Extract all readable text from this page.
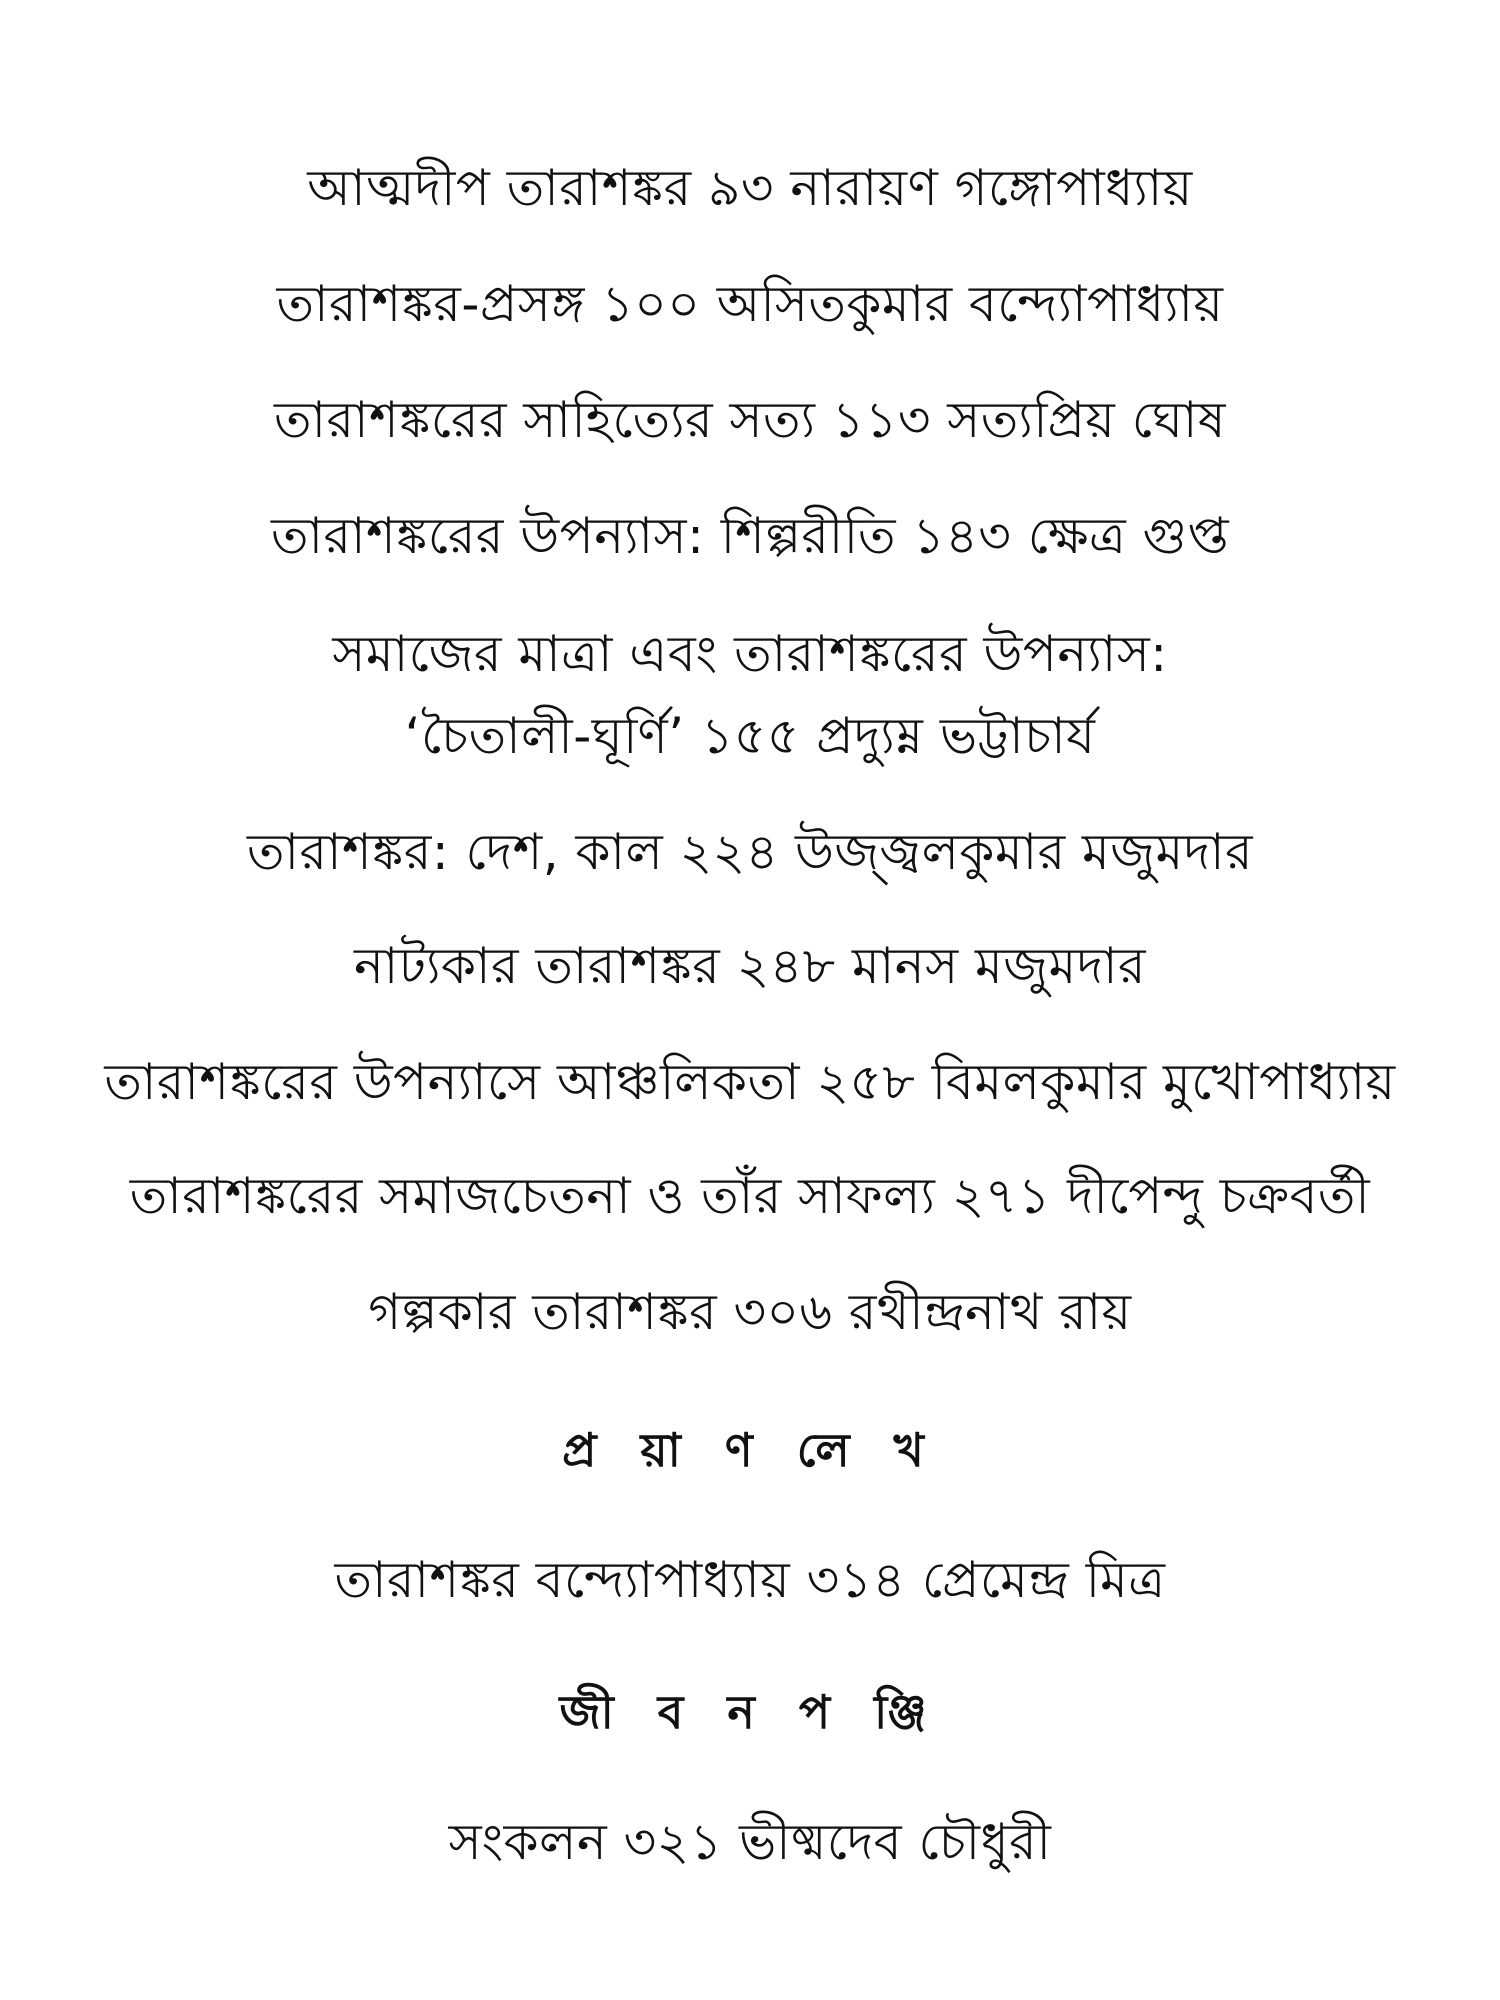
আত্মদীপ তারাশঙ্কর ৯৩ নারায়ণ গঙ্গোপাধ্যায়
তারাশঙ্কর-প্রসঙ্গ ১০০ অসিতকুমার বন্দ্যোপাধ্যায়
তারাশঙ্করের সাহিত্যের সত্য ১১৩ সত্যপ্রিয় ঘোষ
তারাশঙ্করের উপন্যাস: শিল্পরীতি ১৪৩ ক্ষেত্র গুপ্ত
সমাজের মাত্রা এবং তারাশঙ্করের উপন্যাস:
‘চৈতালী-ঘূর্ণি’ ১৫৫ প্রদ্যুম্ন ভট্টাচার্য
তারাশঙ্কর: দেশ, কাল ২২৪ উজ্জ্বলকুমার মজুমদার
নাট্যকার তারাশঙ্কর ২৪৮ মানস মজুমদার
তারাশঙ্করের উপন্যাসে আঞ্চলিকতা ২৫৮ বিমলকুমার মুখোপাধ্যায়
তারাশঙ্করের সমাজচেতনা ও তাঁর সাফল্য ২৭১ দীপেন্দু চক্রবর্তী
গল্পকার তারাশঙ্কর ৩০৬ রথীন্দ্রনাথ রায়
প্র য়া ণ লে খ
তারাশঙ্কর বন্দ্যোপাধ্যায় ৩১৪ প্রেমেন্দ্র মিত্র
জী ব ন প ঞ্জি
সংকলন ৩২১ ভীষ্মদেব চৌধুরী
